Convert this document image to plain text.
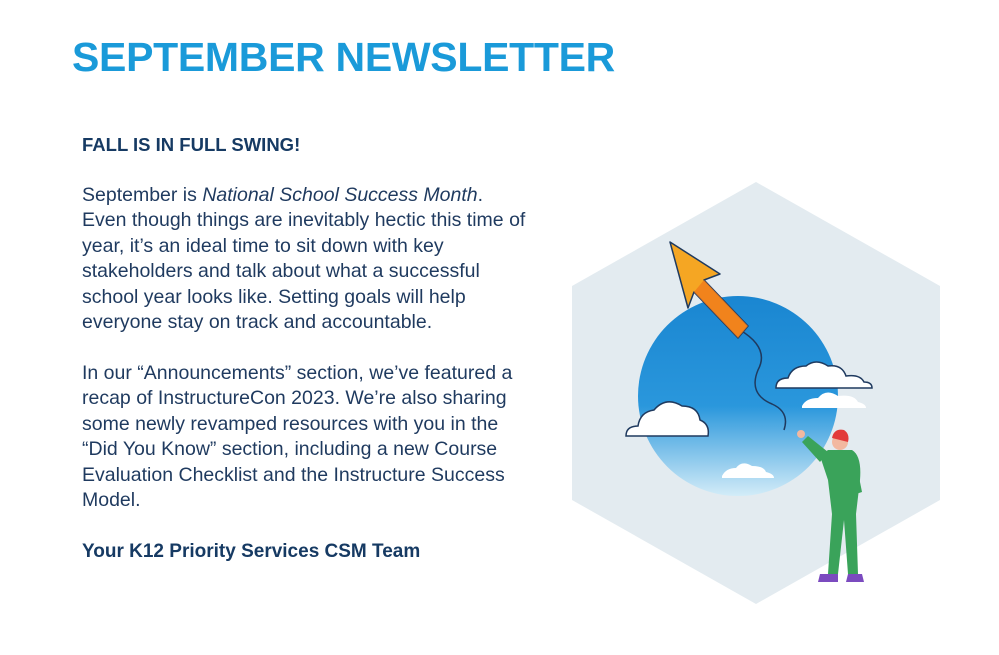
SEPTEMBER NEWSLETTER
FALL IS IN FULL SWING!

September is National School Success Month. Even though things are inevitably hectic this time of year, it’s an ideal time to sit down with key stakeholders and talk about what a successful school year looks like. Setting goals will help everyone stay on track and accountable.

In our “Announcements” section, we’ve featured a recap of InstructureCon 2023. We’re also sharing some newly revamped resources with you in the “Did You Know” section, including a new Course Evaluation Checklist and the Instructure Success Model.

Your K12 Priority Services CSM Team
